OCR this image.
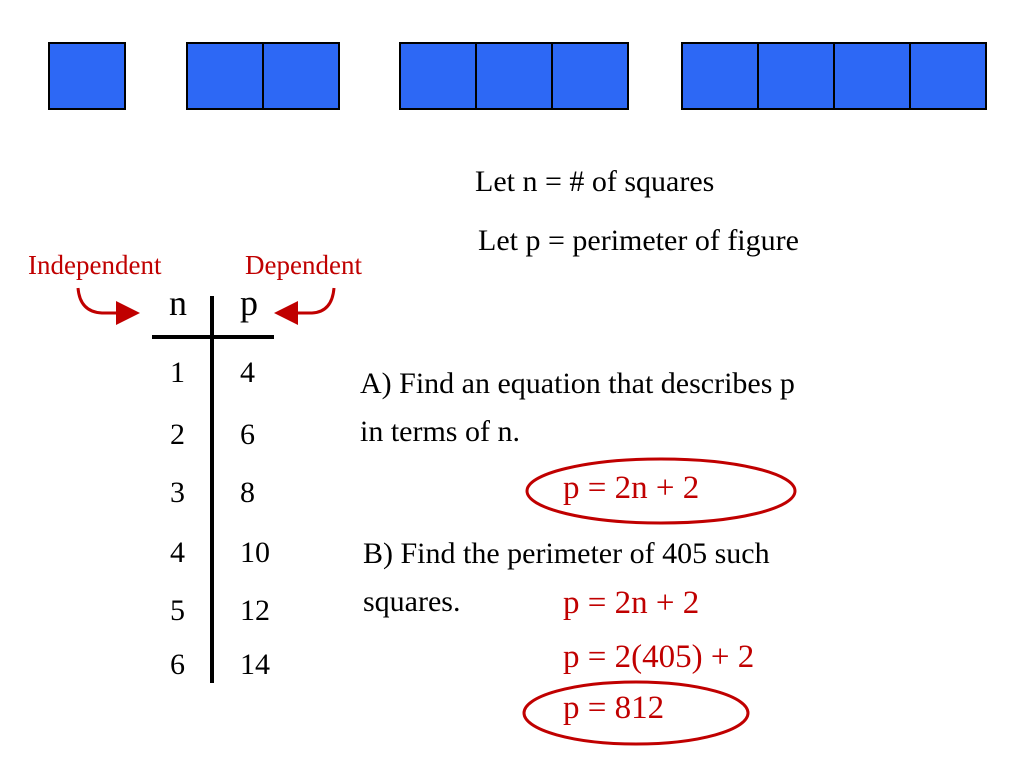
Let n = # of squares
Let p = perimeter of figure
Independent	Dependent
n p
1	4
2	6
3	8
4	10
5	12
6	14
A) Find an equation that describes p
in terms of n.
p = 2n + 2
B) Find the perimeter of 405 such
squares.	p = 2n + 2
p = 2(405) + 2
p = 812
